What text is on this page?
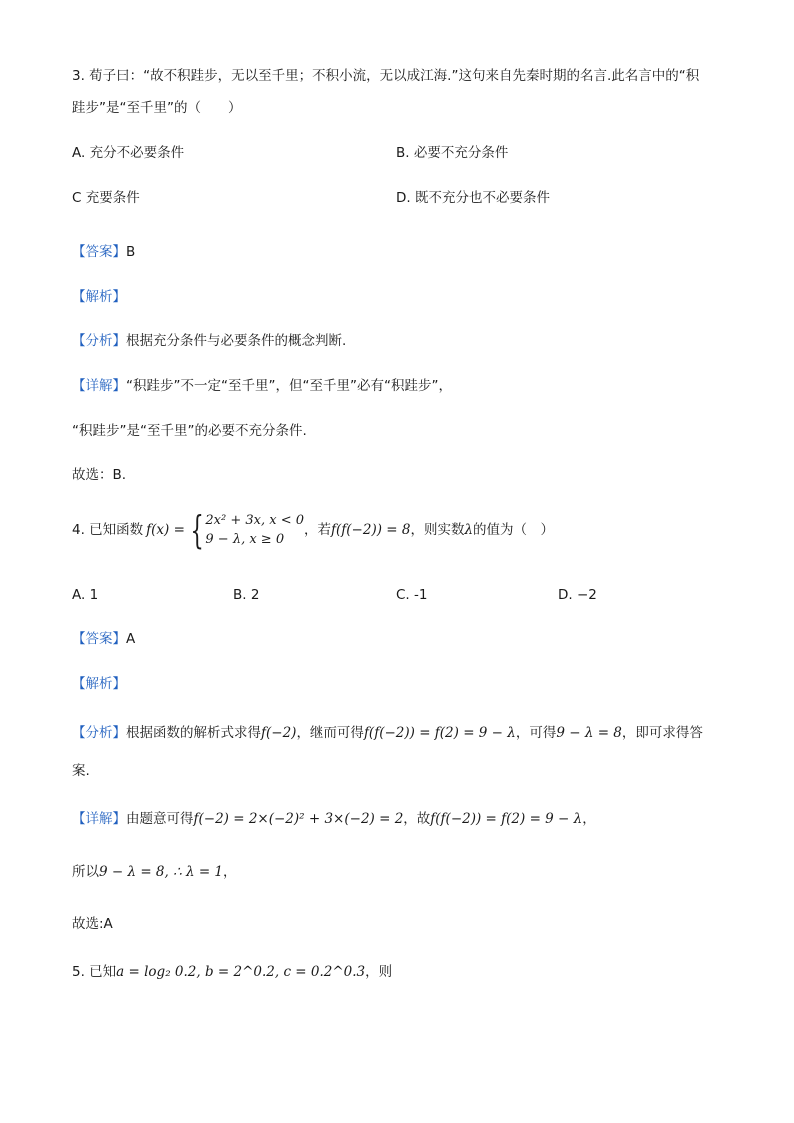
3. 荀子曰：“故不积跬步，无以至千里；不积小流，无以成江海.”这句来自先秦时期的名言.此名言中的“积
跬步”是“至千里”的（　　）
A. 充分不必要条件	B. 必要不充分条件
C 充要条件	D. 既不充分也不必要条件
【答案】B
【解析】
【分析】根据充分条件与必要条件的概念判断.
【详解】“积跬步”不一定“至千里”，但“至千里”必有“积跬步”，
“积跬步”是“至千里”的必要不充分条件.
故选：B.
4. 已知函数 f(x) = { 2x² + 3x, x < 0
9 − λ, x ≥ 0
，若f(f(−2)) = 8，则实数λ的值为（　）
A. 1	B. 2	C. -1	D. −2
【答案】A
【解析】
【分析】根据函数的解析式求得f(−2)，继而可得f(f(−2)) = f(2) = 9 − λ，可得9 − λ = 8，即可求得答
案.
【详解】由题意可得f(−2) = 2×(−2)² + 3×(−2) = 2，故f(f(−2)) = f(2) = 9 − λ，
所以9 − λ = 8, ∴ λ = 1，
故选:A
5. 已知a = log₂ 0.2, b = 2^0.2, c = 0.2^0.3，则
